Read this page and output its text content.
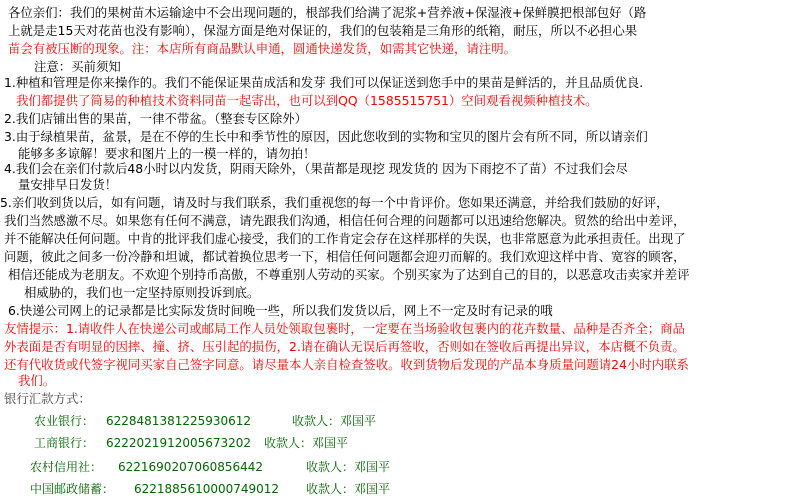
各位亲们：我们的果树苗木运输途中不会出现问题的，根部我们给满了泥浆+营养液+保湿液+保鲜膜把根部包好（路
上就是走15天对花苗也没有影响），保湿方面是绝对保证的，我们的包装箱是三角形的纸箱，耐压，所以不必担心果
苗会有被压断的现象。注：本店所有商品默认申通，圆通快递发货，如需其它快递，请注明。
注意：买前须知
1.种植和管理是你来操作的。我们不能保证果苗成活和发芽 我们可以保证送到您手中的果苗是鲜活的，并且品质优良.
我们都提供了简易的种植技术资料同苗一起寄出，也可以到QQ（1585515751）空间观看视频种植技术。
2.我们店铺出售的果苗，一律不带盆。（整套专区除外）
3.由于绿植果苗，盆景，是在不停的生长中和季节性的原因，因此您收到的实物和宝贝的图片会有所不同，所以请亲们
能够多多谅解！要求和图片上的一模一样的，请勿拍！
4.我们会在亲们付款后48小时以内发货，阴雨天除外，（果苗都是现挖 现发货的 因为下雨挖不了苗）不过我们会尽
量安排早日发货！
5.亲们收到货以后，如有问题，请及时与我们联系，我们重视您的每一个中肯评价。您如果还满意，并给我们鼓励的好评，
我们当然感激不尽。如果您有任何不满意，请先跟我们沟通，相信任何合理的问题都可以迅速给您解决。贸然的给出中差评，
并不能解决任何问题。中肯的批评我们虚心接受，我们的工作肯定会存在这样那样的失误，也非常愿意为此承担责任。出现了
问题，彼此之间多一份冷静和坦诚，都试着换位思考一下，相信任何问题都会迎刃而解的。我们欢迎这样中肯、宽容的顾客，
相信还能成为老朋友。不欢迎个别持币高傲，不尊重别人劳动的买家。个别买家为了达到自己的目的，以恶意攻击卖家并差评
相威胁的，我们也一定坚持原则投诉到底。
6.快递公司网上的记录都是比实际发货时间晚一些，所以我们发货以后，网上不一定及时有记录的哦
友情提示：1.请收件人在快递公司或邮局工作人员处领取包裹时，一定要在当场验收包裹内的花卉数量、品种是否齐全；商品
外表面是否有明显的因摔、撞、挤、压引起的损伤，2.请在确认无误后再签收，否则如在签收后再提出异议，本店概不负责。
还有代收货或代签字视同买家自己签字同意。请尽量本人亲自检查签收。收到货物后发现的产品本身质量问题请24小时内联系
我们。
银行汇款方式：
农业银行： 6228481381225930612	收款人：邓国平
工商银行： 6222021912005673202 收款人：邓国平
农村信用社： 6221690207060856442	收款人：邓国平
中国邮政储蓄： 6221885610000749012 收款人：邓国平
